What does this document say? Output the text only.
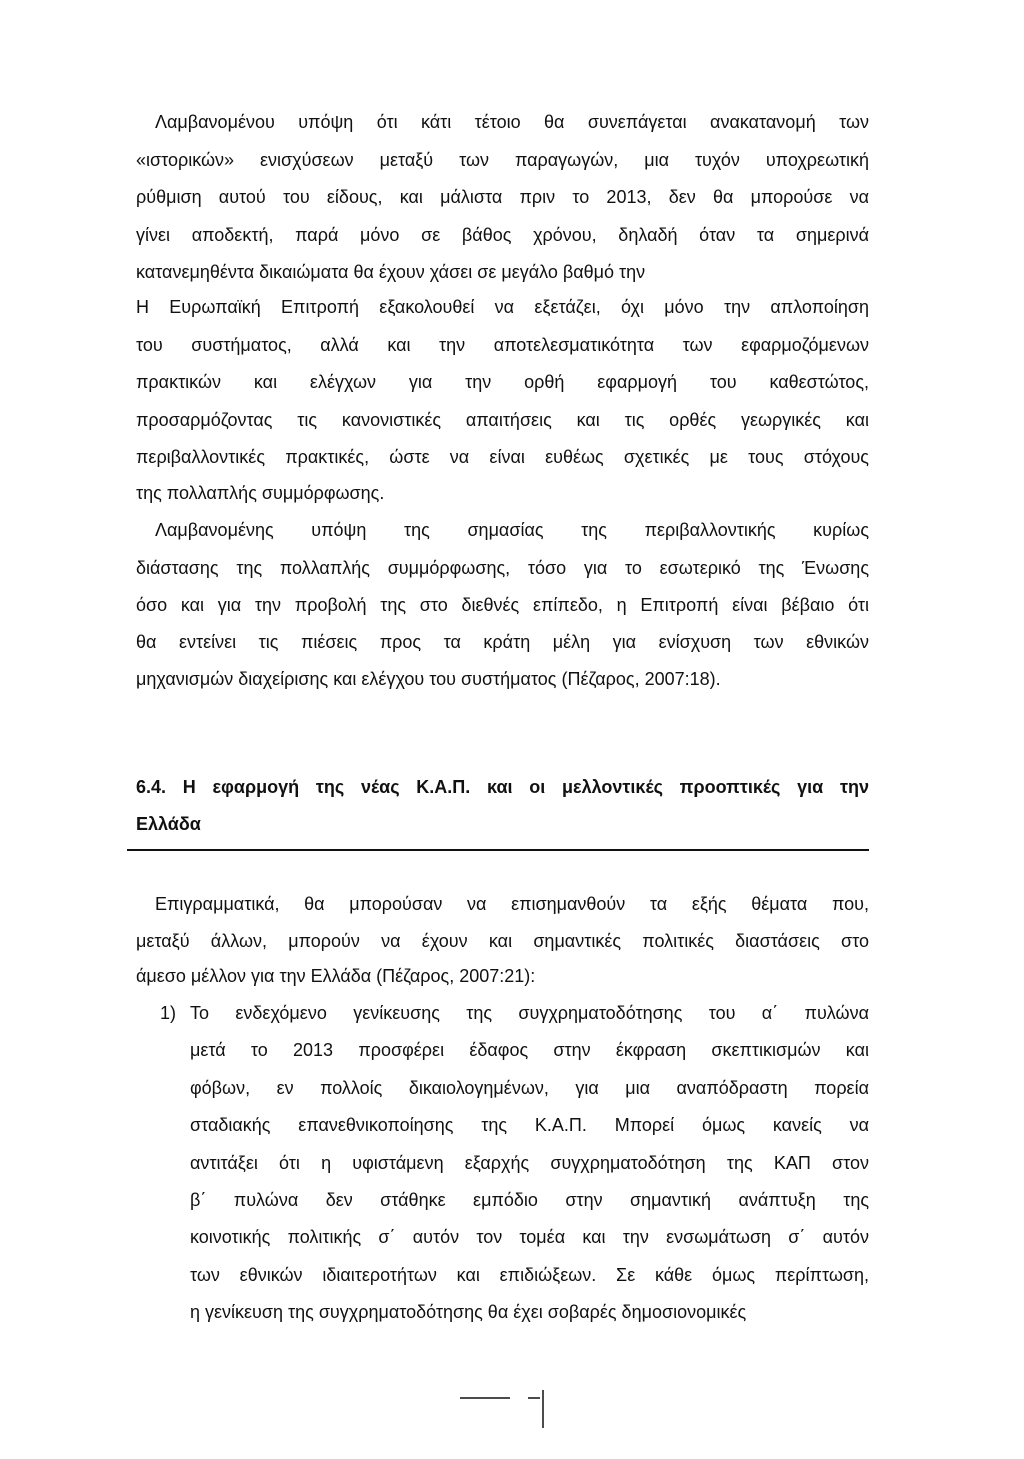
Λαμβανομένου υπόψη ότι κάτι τέτοιο θα συνεπάγεται ανακατανομή των
«ιστορικών» ενισχύσεων μεταξύ των παραγωγών, μια τυχόν υποχρεωτική
ρύθμιση αυτού του είδους, και μάλιστα πριν το 2013, δεν θα μπορούσε να
γίνει αποδεκτή, παρά μόνο σε βάθος χρόνου, δηλαδή όταν τα σημερινά
κατανεμηθέντα δικαιώματα θα έχουν χάσει σε μεγάλο βαθμό την
Η Ευρωπαϊκή Επιτροπή εξακολουθεί να εξετάζει, όχι μόνο την απλοποίηση
του συστήματος, αλλά και την αποτελεσματικότητα των εφαρμοζόμενων
πρακτικών και ελέγχων για την ορθή εφαρμογή του καθεστώτος,
προσαρμόζοντας τις κανονιστικές απαιτήσεις και τις ορθές γεωργικές και
περιβαλλοντικές πρακτικές, ώστε να είναι ευθέως σχετικές με τους στόχους
της πολλαπλής συμμόρφωσης.
Λαμβανομένης υπόψη της σημασίας της περιβαλλοντικής κυρίως
διάστασης της πολλαπλής συμμόρφωσης, τόσο για το εσωτερικό της Ένωσης
όσο και για την προβολή της στο διεθνές επίπεδο, η Επιτροπή είναι βέβαιο ότι
θα εντείνει τις πιέσεις προς τα κράτη μέλη για ενίσχυση των εθνικών
μηχανισμών διαχείρισης και ελέγχου του συστήματος (Πέζαρος, 2007:18).
6.4. Η εφαρμογή της νέας Κ.Α.Π. και οι μελλοντικές προοπτικές για την
Ελλάδα
Επιγραμματικά, θα μπορούσαν να επισημανθούν τα εξής θέματα που,
μεταξύ άλλων, μπορούν να έχουν και σημαντικές πολιτικές διαστάσεις στο
άμεσο μέλλον για την Ελλάδα (Πέζαρος, 2007:21):
1) Το ενδεχόμενο γενίκευσης της συγχρηματοδότησης του α΄ πυλώνα
μετά το 2013 προσφέρει έδαφος στην έκφραση σκεπτικισμών και
φόβων, εν πολλοίς δικαιολογημένων, για μια αναπόδραστη πορεία
σταδιακής επανεθνικοποίησης της Κ.Α.Π. Μπορεί όμως κανείς να
αντιτάξει ότι η υφιστάμενη εξαρχής συγχρηματοδότηση της ΚΑΠ στον
β΄ πυλώνα δεν στάθηκε εμπόδιο στην σημαντική ανάπτυξη της
κοινοτικής πολιτικής σ΄ αυτόν τον τομέα και την ενσωμάτωση σ΄ αυτόν
των εθνικών ιδιαιτεροτήτων και επιδιώξεων. Σε κάθε όμως περίπτωση,
η γενίκευση της συγχρηματοδότησης θα έχει σοβαρές δημοσιονομικές
